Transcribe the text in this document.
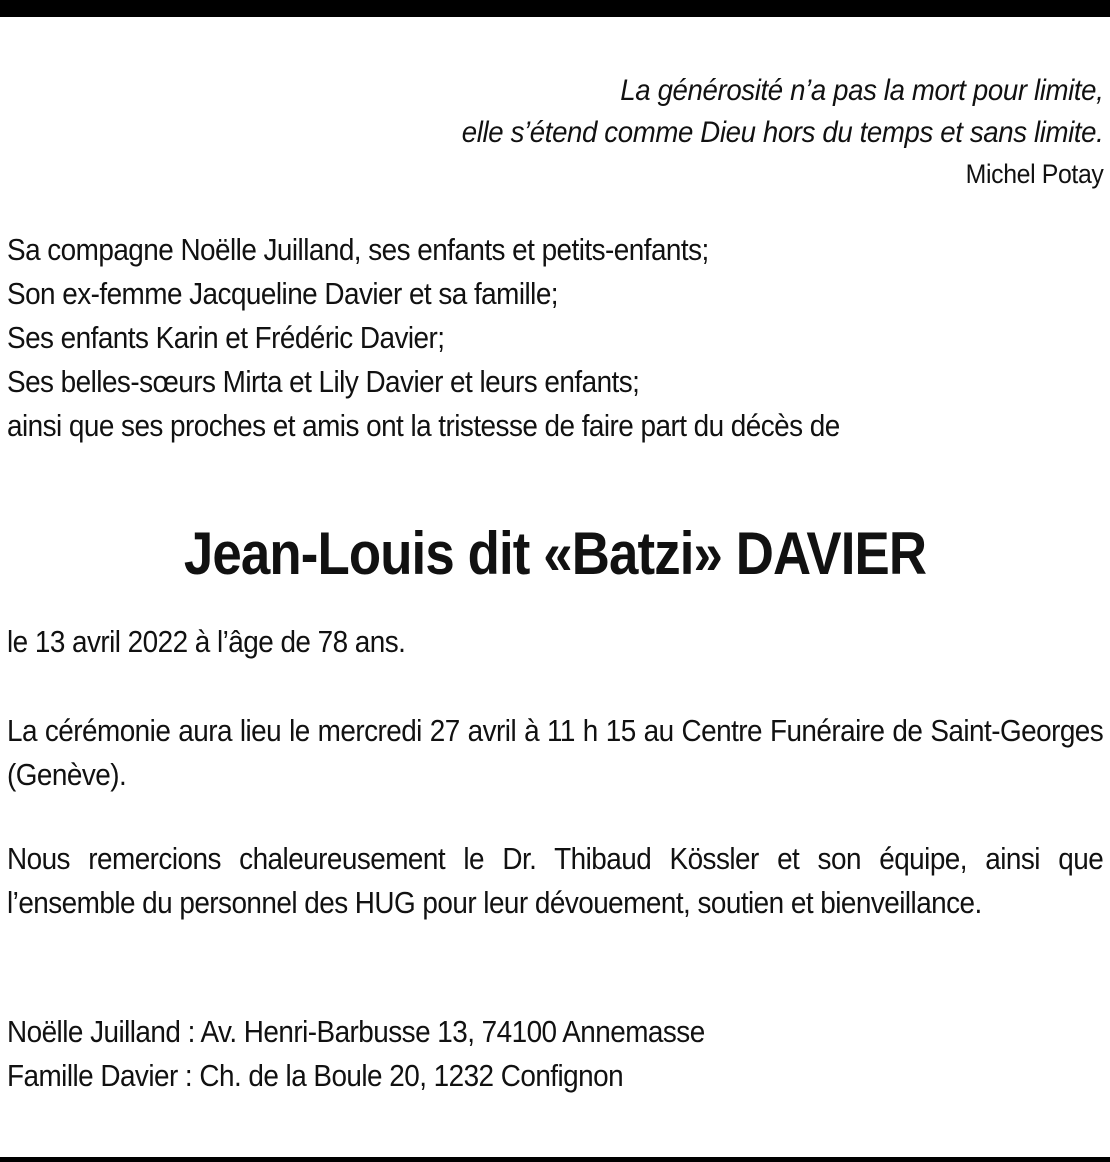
La générosité n’a pas la mort pour limite,
elle s’étend comme Dieu hors du temps et sans limite.
Michel Potay
Sa compagne Noëlle Juilland, ses enfants et petits-enfants;
Son ex-femme Jacqueline Davier et sa famille;
Ses enfants Karin et Frédéric Davier;
Ses belles-sœurs Mirta et Lily Davier et leurs enfants;
ainsi que ses proches et amis ont la tristesse de faire part du décès de
Jean-Louis dit «Batzi» DAVIER
le 13 avril 2022 à l’âge de 78 ans.
La cérémonie aura lieu le mercredi 27 avril à 11 h 15 au Centre Funéraire de Saint-Georges (Genève).
Nous remercions chaleureusement le Dr. Thibaud Kössler et son équipe, ainsi que l’ensemble du personnel des HUG pour leur dévouement, soutien et bienveillance.
Noëlle Juilland : Av. Henri-Barbusse 13, 74100 Annemasse
Famille Davier : Ch. de la Boule 20, 1232 Confignon
